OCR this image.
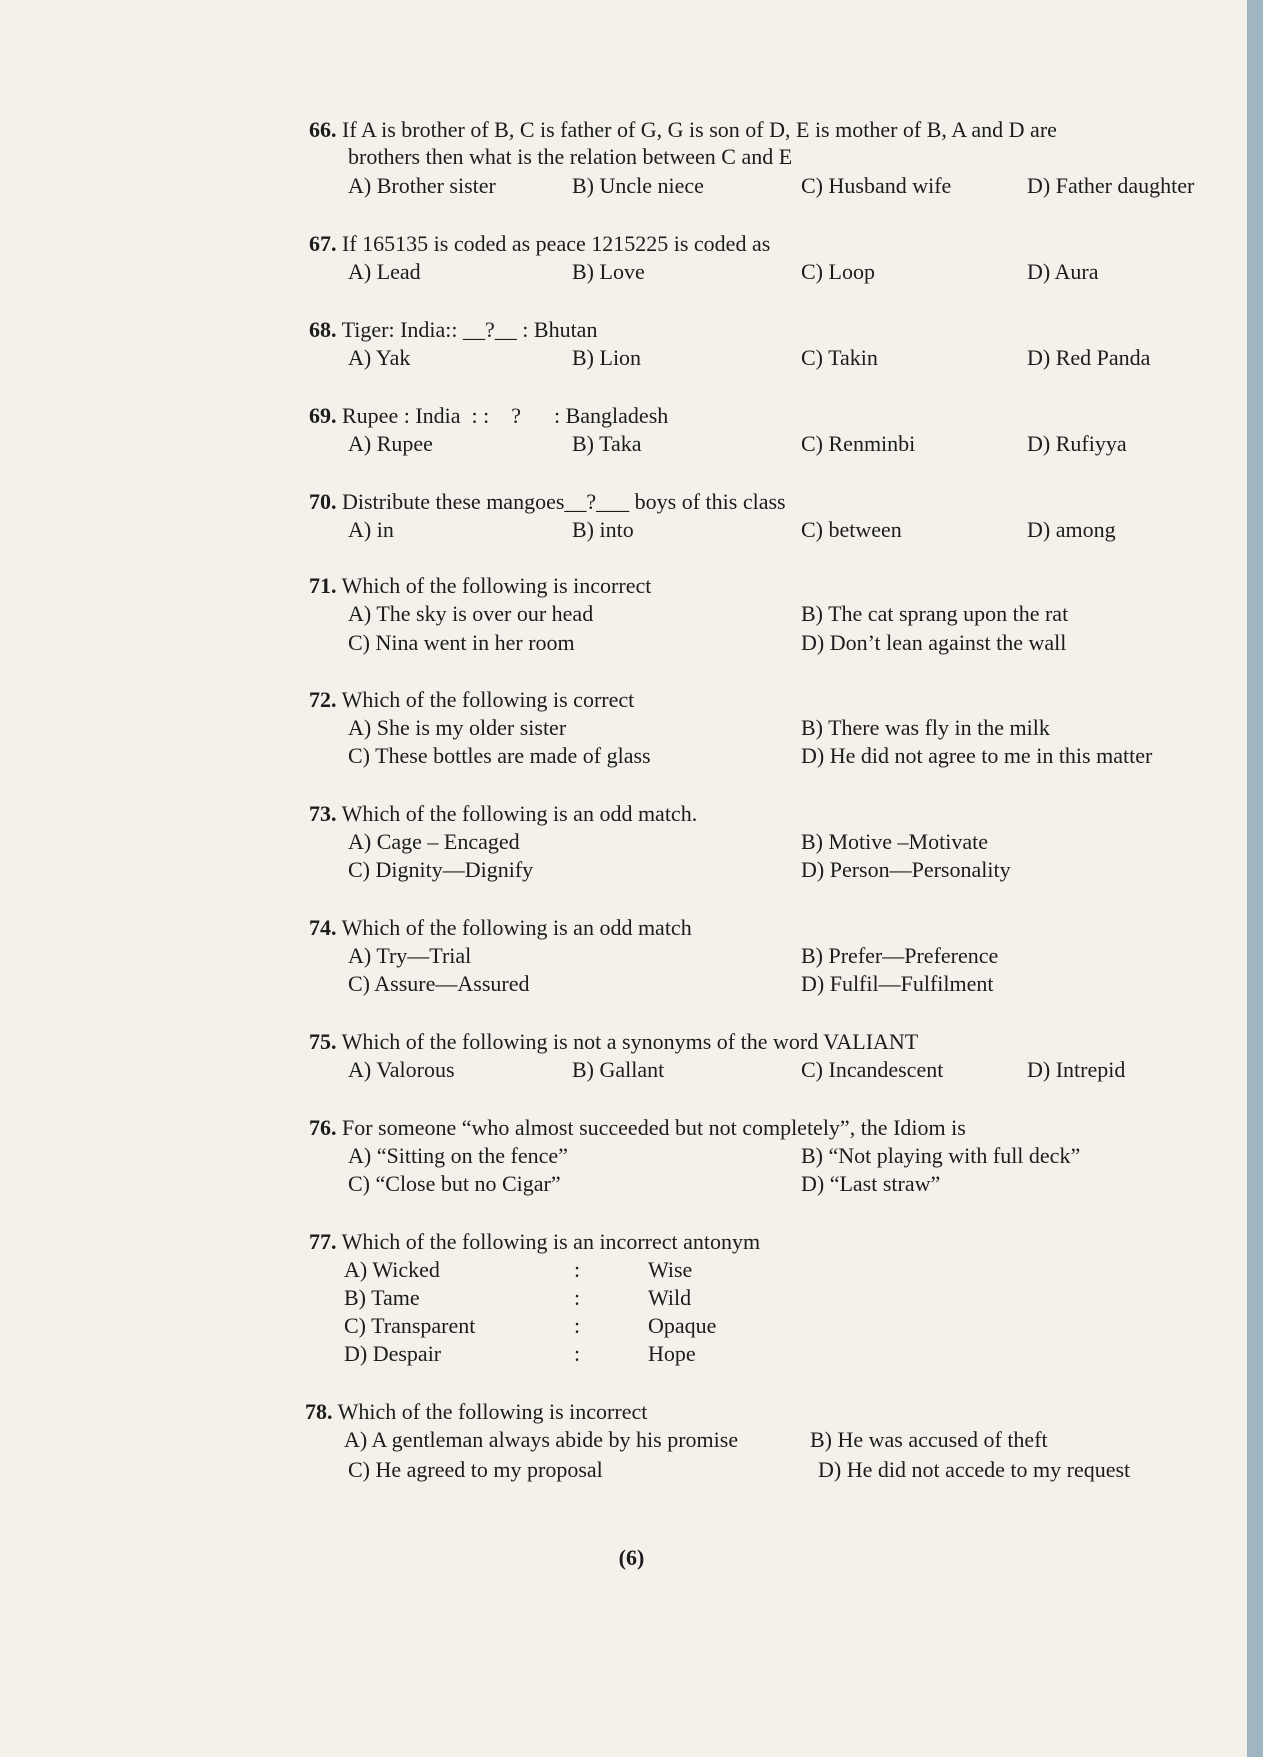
66. If A is brother of B, C is father of G, G is son of D, E is mother of B, A and D are
brothers then what is the relation between C and E
A) Brother sister	B) Uncle niece	C) Husband wife	D) Father daughter
67. If 165135 is coded as peace 1215225 is coded as
A) Lead	B) Love	C) Loop	D) Aura
68. Tiger: India:: __?__ : Bhutan
A) Yak	B) Lion	C) Takin	D) Red Panda
69. Rupee : India  : :    ?      : Bangladesh
A) Rupee	B) Taka	C) Renminbi	D) Rufiyya
70. Distribute these mangoes__?___ boys of this class
A) in	B) into	C) between	D) among
71. Which of the following is incorrect
A) The sky is over our head	B) The cat sprang upon the rat
C) Nina went in her room	D) Don’t lean against the wall
72. Which of the following is correct
A) She is my older sister	B) There was fly in the milk
C) These bottles are made of glass	D) He did not agree to me in this matter
73. Which of the following is an odd match.
A) Cage – Encaged	B) Motive –Motivate
C) Dignity—Dignify	D) Person—Personality
74. Which of the following is an odd match
A) Try—Trial	B) Prefer—Preference
C) Assure—Assured	D) Fulfil—Fulfilment
75. Which of the following is not a synonyms of the word VALIANT
A) Valorous	B) Gallant	C) Incandescent	D) Intrepid
76. For someone “who almost succeeded but not completely”, the Idiom is
A) “Sitting on the fence”	B) “Not playing with full deck”
C) “Close but no Cigar”	D) “Last straw”
77. Which of the following is an incorrect antonym
A) Wicked	:	Wise
B) Tame	:	Wild
C) Transparent	:	Opaque
D) Despair	:	Hope
78. Which of the following is incorrect
A) A gentleman always abide by his promise	B) He was accused of theft
C) He agreed to my proposal	D) He did not accede to my request
(6)
